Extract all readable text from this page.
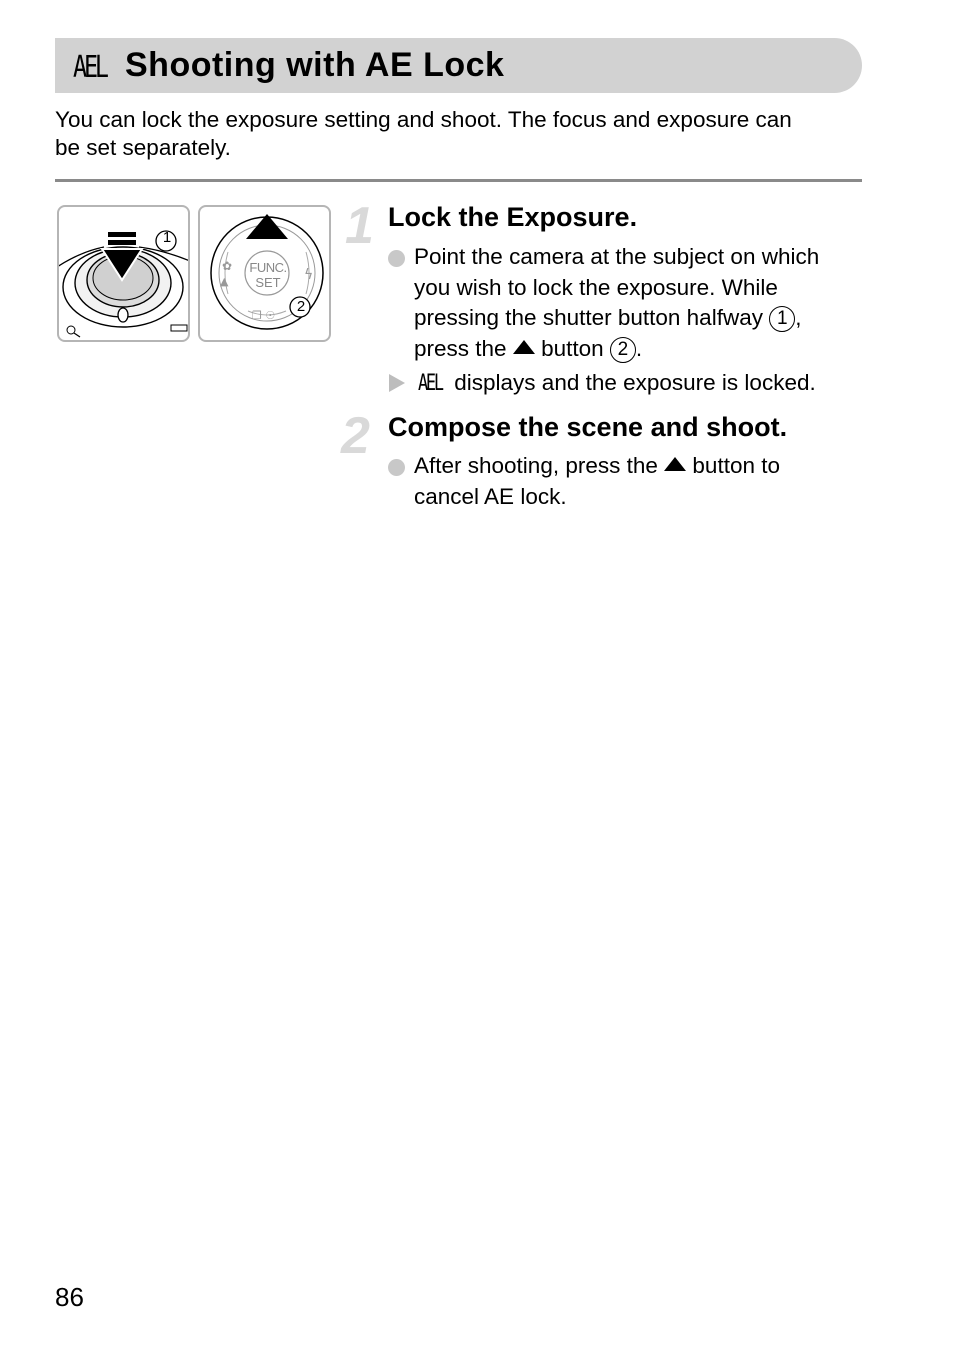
AEL Shooting with AE Lock
You can lock the exposure setting and shoot. The focus and exposure can
be set separately.
1
✿
▲	ϟ
❒ ☉
FUNC.
SET
2
1 Lock the Exposure.
Point the camera at the subject on which
you wish to lock the exposure. While
pressing the shutter button halfway 1 ,
press the button 2 .
AEL displays and the exposure is locked.
2 Compose the scene and shoot.
After shooting, press the button to
cancel AE lock.
86
